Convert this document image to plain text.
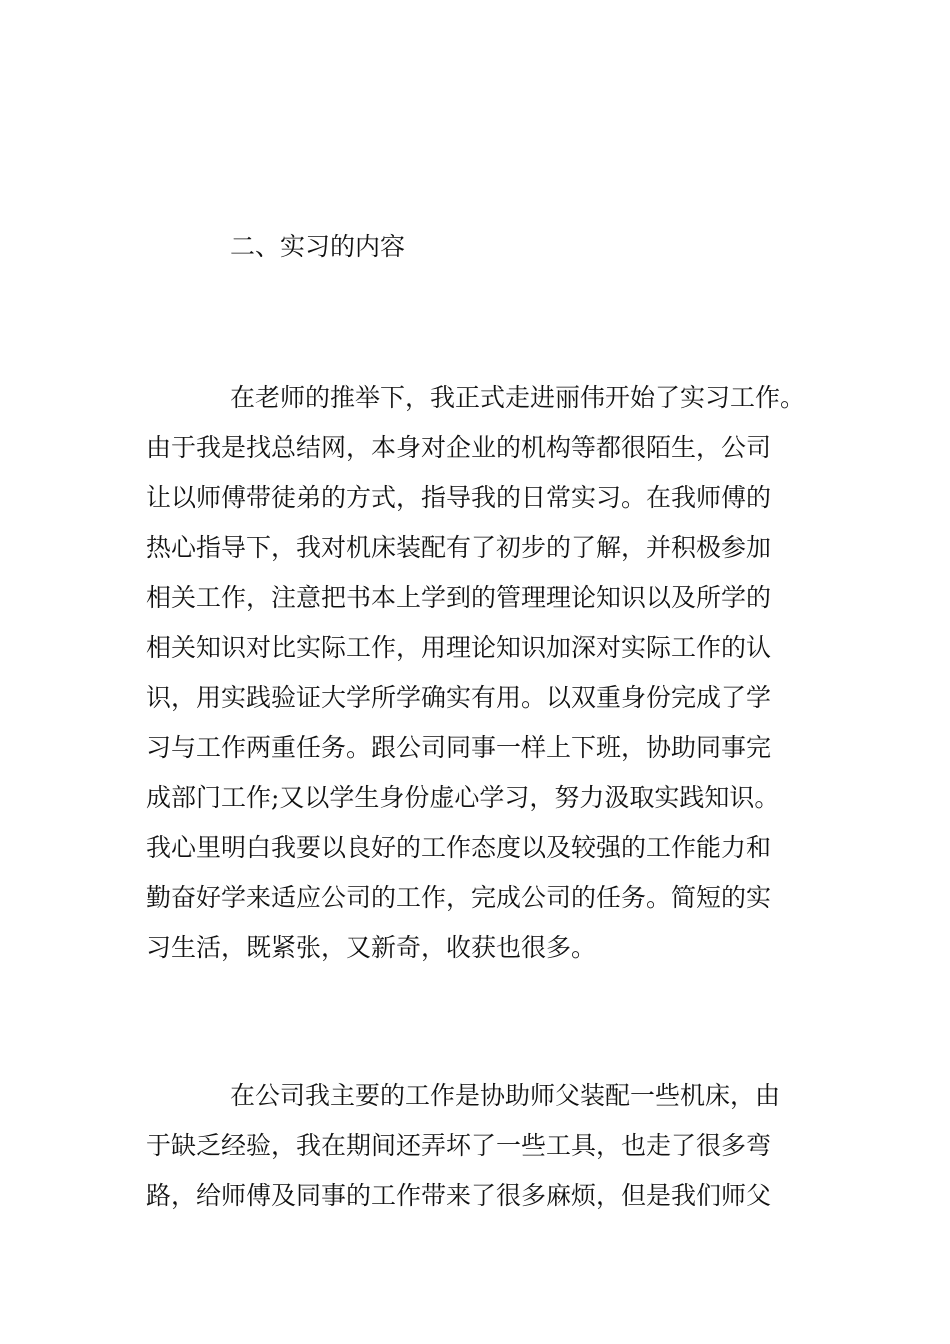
二、实习的内容
在老师的推举下，我正式走进丽伟开始了实习工作。
由于我是找总结网，本身对企业的机构等都很陌生，公司
让以师傅带徒弟的方式，指导我的日常实习。在我师傅的
热心指导下，我对机床装配有了初步的了解，并积极参加
相关工作，注意把书本上学到的管理理论知识以及所学的
相关知识对比实际工作，用理论知识加深对实际工作的认
识，用实践验证大学所学确实有用。以双重身份完成了学
习与工作两重任务。跟公司同事一样上下班，协助同事完
成部门工作;又以学生身份虚心学习，努力汲取实践知识。
我心里明白我要以良好的工作态度以及较强的工作能力和
勤奋好学来适应公司的工作，完成公司的任务。简短的实
习生活，既紧张，又新奇，收获也很多。
在公司我主要的工作是协助师父装配一些机床，由
于缺乏经验，我在期间还弄坏了一些工具，也走了很多弯
路，给师傅及同事的工作带来了很多麻烦，但是我们师父
